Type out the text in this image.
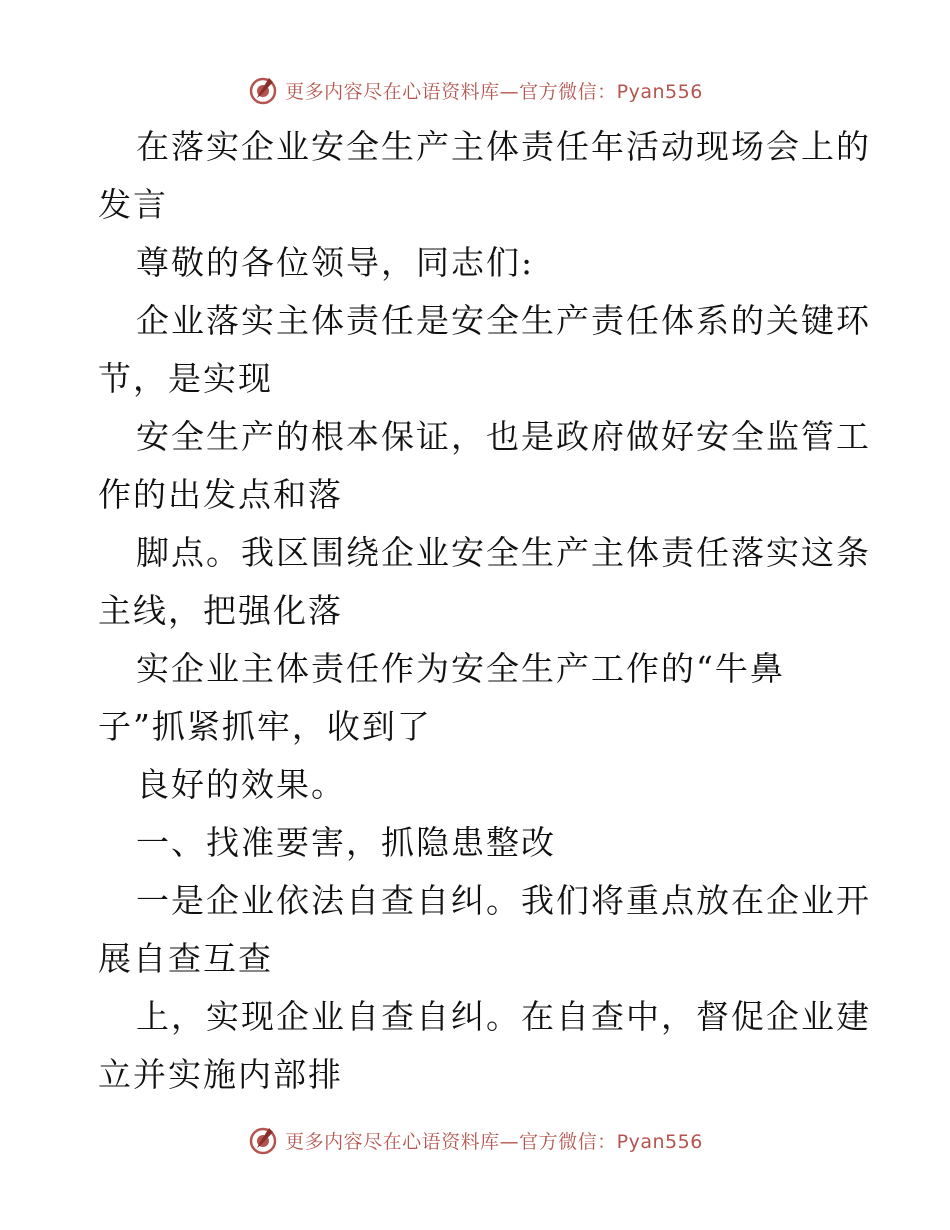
更多内容尽在心语资料库—官方微信：Pyan556
在落实企业安全生产主体责任年活动现场会上的
发言
尊敬的各位领导，同志们:
企业落实主体责任是安全生产责任体系的关键环
节，是实现
安全生产的根本保证，也是政府做好安全监管工
作的出发点和落
脚点。我区围绕企业安全生产主体责任落实这条
主线，把强化落
实企业主体责任作为安全生产工作的“牛鼻
子”抓紧抓牢，收到了
良好的效果。
一、找准要害，抓隐患整改
一是企业依法自查自纠。我们将重点放在企业开
展自查互查
上，实现企业自查自纠。在自查中，督促企业建
立并实施内部排
更多内容尽在心语资料库—官方微信：Pyan556
